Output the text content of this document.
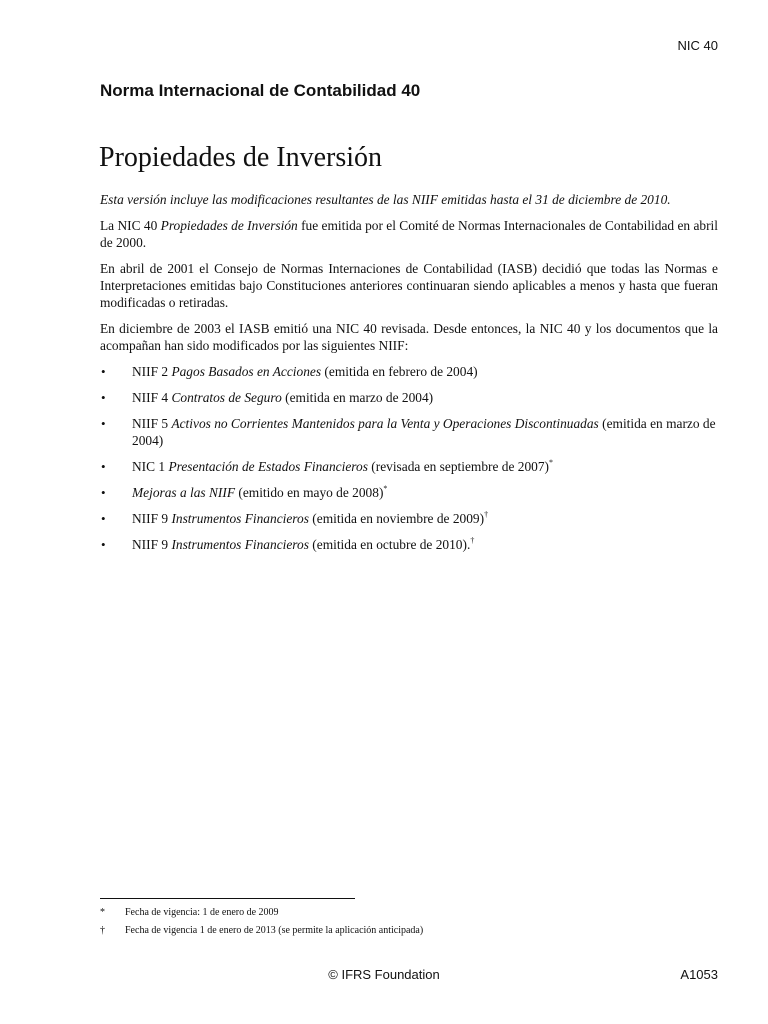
NIC 40
Norma Internacional de Contabilidad 40
Propiedades de Inversión

Esta versión incluye las modificaciones resultantes de las NIIF emitidas hasta el 31 de diciembre de 2010.

La NIC 40 Propiedades de Inversión fue emitida por el Comité de Normas Internacionales de Contabilidad en abril de 2000.

En abril de 2001 el Consejo de Normas Internaciones de Contabilidad (IASB) decidió que todas las Normas e Interpretaciones emitidas bajo Constituciones anteriores continuaran siendo aplicables a menos y hasta que fueran modificadas o retiradas.

En diciembre de 2003 el IASB emitió una NIC 40 revisada. Desde entonces, la NIC 40 y los documentos que la acompañan han sido modificados por las siguientes NIIF:

• NIIF 2 Pagos Basados en Acciones (emitida en febrero de 2004)
• NIIF 4 Contratos de Seguro (emitida en marzo de 2004)
• NIIF 5 Activos no Corrientes Mantenidos para la Venta y Operaciones Discontinuadas (emitida en marzo de 2004)
• NIC 1 Presentación de Estados Financieros (revisada en septiembre de 2007)*
• Mejoras a las NIIF (emitido en mayo de 2008)*
• NIIF 9 Instrumentos Financieros (emitida en noviembre de 2009)†
• NIIF 9 Instrumentos Financieros (emitida en octubre de 2010).†
*	Fecha de vigencia: 1 de enero de 2009
†	Fecha de vigencia 1 de enero de 2013 (se permite la aplicación anticipada)
© IFRS Foundation	A1053
